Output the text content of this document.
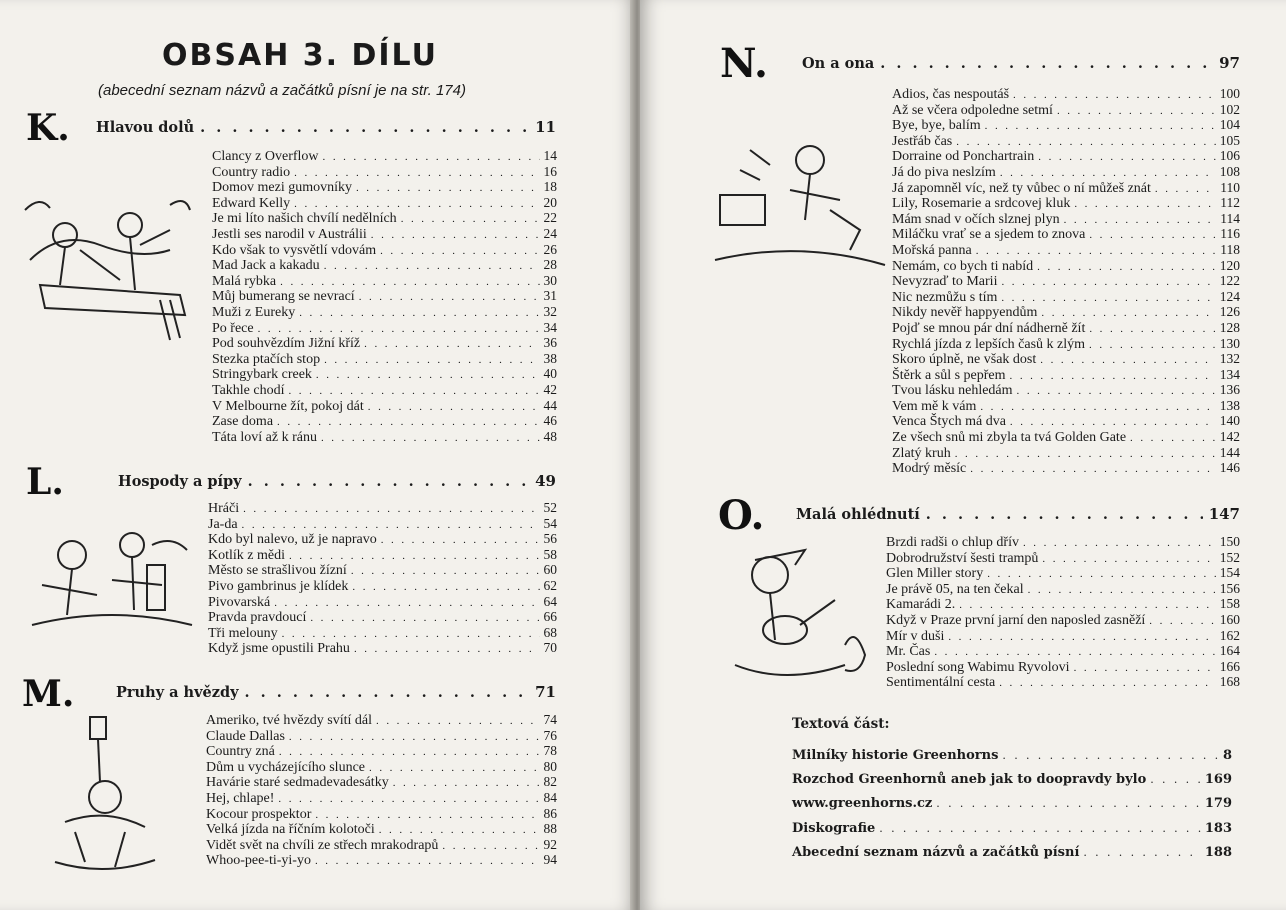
OBSAH 3. DÍLU
(abecední seznam názvů a začátků písní je na str. 174)
K. Hlavou dolů . . .	11
Clancy z Overflow . . .	14
Country radio . . .	16
Domov mezi gumovníky . . .	18
Edward Kelly . . .	20
Je mi líto našich chvílí nedělních . . .	22
Jestli ses narodil v Austrálii . . .	24
Kdo však to vysvětlí vdovám . . .	26
Mad Jack a kakadu . . .	28
Malá rybka . . .	30
Můj bumerang se nevrací . . .	31
Muži z Eureky . . .	32
Po řece . . .	34
Pod souhvězdím Jižní kříž . . .	36
Stezka ptačích stop . . .	38
Stringybark creek . . .	40
Takhle chodí . . .	42
V Melbourne žít, pokoj dát . . .	44
Zase doma . . .	46
Táta loví až k ránu . . .	48
L.	Hospody a pípy . . .	49
Hráči . . .	52
Ja-da . . .	54
Kdo byl nalevo, už je napravo . . .	56
Kotlík z mědi . . .	58
Město se strašlivou žízní . . .	60
Pivo gambrinus je klídek . . .	62
Pivovarská . . .	64
Pravda pravdoucí . . .	66
Tři melouny . . .	68
Když jsme opustili Prahu . . .	70
M.	Pruhy a hvězdy . . .	71
Ameriko, tvé hvězdy svítí dál . . .	74
Claude Dallas . . .	76
Country zná . . .	78
Dům u vycházejícího slunce . . .	80
Havárie staré sedmadevadesátky . . .	82
Hej, chlape! . . .	84
Kocour prospektor . . .	86
Velká jízda na říčním kolotoči . . .	88
Vidět svět na chvíli ze střech mrakodrapů . . .	92
Whoo-pee-ti-yi-yo . . .	94
N. On a ona . . .	97
Adios, čas nespoutáš . . .	100
Až se včera odpoledne setmí . . .	102
Bye, bye, balím . . .	104
Jestřáb čas . . .	105
Dorraine od Ponchartrain . . .	106
Já do piva neslzím . . .	108
Já zapomněl víc, než ty vůbec o ní můžeš znát . . .	110
Lily, Rosemarie a srdcovej kluk . . .	112
Mám snad v očích slznej plyn . . .	114
Miláčku vrať se a sjedem to znova . . .	116
Mořská panna . . .	118
Nemám, co bych ti nabíd . . .	120
Nevyzraď to Marii . . .	122
Nic nezmůžu s tím . . .	124
Nikdy nevěř happyendům . . .	126
Pojď se mnou pár dní nádherně žít . . .	128
Rychlá jízda z lepších časů k zlým . . .	130
Skoro úplně, ne však dost . . .	132
Štěrk a sůl s pepřem . . .	134
Tvou lásku nehledám . . .	136
Vem mě k vám . . .	138
Venca Štych má dva . . .	140
Ze všech snů mi zbyla ta tvá Golden Gate . . .	142
Zlatý kruh . . .	144
Modrý měsíc . . .	146
O. Malá ohlédnutí . . .	147
Brzdi radši o chlup dřív . . .	150
Dobrodružství šesti trampů . . .	152
Glen Miller story . . .	154
Je právě 05, na ten čekal . . .	156
Kamarádi 2. . . .	158
Když v Praze první jarní den naposled zasněží . . .	160
Mír v duši . . .	162
Mr. Čas . . .	164
Poslední song Wabimu Ryvolovi . . .	166
Sentimentální cesta . . .	168
Textová část:
Milníky historie Greenhorns . . .	8
Rozchod Greenhornů aneb jak to doopravdy bylo . . .	169
www.greenhorns.cz . . .	179
Diskografie . . .	183
Abecední seznam názvů a začátků písní . . .	188
